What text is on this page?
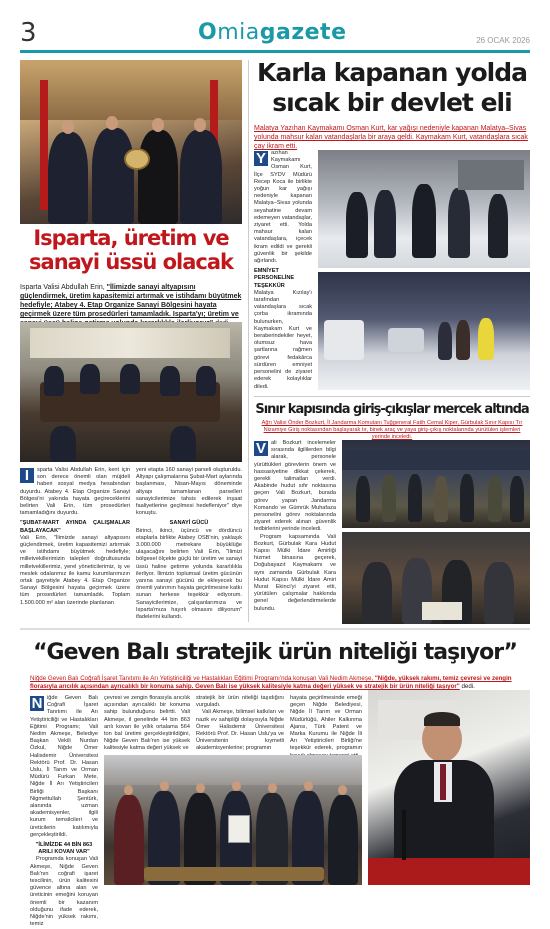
3	Omiagazete	26 OCAK 2026
Isparta, üretim ve sanayi üssü olacak
Isparta Valisi Abdullah Erin, "İlimizde sanayi altyapısını güçlendirmek, üretim kapasitemizi artırmak ve istihdamı büyütmek hedefiyle; Atabey 4. Etap Organize Sanayi Bölgesini hayata geçirmek üzere tüm prosedürleri tamamladık. Isparta'yı; üretim ve
I	sparta Valisi Abdullah Erin, kent için son derece önemli olan müjdeli haberi sosyal medya hesabından duyurdu. Atabey 4. Etap Organize Sanayi Bölgesi'ni yakında hayata geçireceklerini belirten Vali Erin, tüm prosedürleri tamamladığını duyurdu.
"ŞUBAT-MART AYINDA ÇALIŞMALAR BAŞLAYACAK"
Vali Erin, "İlimizde sanayi altyapısını güçlendirmek, üretim kapasitemizi artırmak ve istihdamı büyütmek hedefiyle; milletvekillerimizin talepleri doğrultusunda milletvekillerimiz, yerel yöneticilerimiz, iş ve meslek odalarımız ile kamu kurumlarımızın ortak gayretiyle Atabey 4. Etap Organize Sanayi Bölgesini hayata geçirmek üzere tüm prosedürleri tamamladık. Toplam 1.500.000 m² alan üzerinde planlanan
yeni etapta 160 sanayi parseli oluşturuldu. Altyapı çalışmalarına Şubat-Mart aylarında başlanması, Nisan-Mayıs döneminde altyapı tamamlanan parselleri sanayicilerimize tahsis edilerek inşaat faaliyetlerine geçilmesi hedefleniyor" diye konuştu.
SANAYİ GÜCÜ
Birinci, ikinci, üçüncü ve dördüncü etaplarla birlikte Atabey OSB'nin, yaklaşık 3.000.000 metrekare büyüklüğe ulaşacağını belirten Vali Erin, "Ilimizi bölgesel ölçekte güçlü bir üretim ve sanayi üssü haline getirme yolunda kararlılıkla ilerliyor. İlimizin toplumsal üretim gücünün yanına sanayi gücünü de ekleyecek bu önemli yatırımın hayata geçirilmesine katkı sunan herkese teşekkür ediyorum. Sanayicilerimize, çalışanlarımıza ve Isparta'mıza hayırlı olmasını diliyorum" ifadelerini kullandı.
Karla kapanan yolda sıcak bir devlet eli
Malatya Yazıhan Kaymakamı Osman Kurt, kar yağışı nedeniyle kapanan Malatya–Sivas yolunda mahsur kalan vatandaşlarla bir araya geldi. Kaymakam Kurt, vatandaşlara sıcak çay ikram etti.
Y azıhan Kaymakamı Osman Kurt, İlçe SYDV Müdürü Recep Koca ile birlikte yoğun kar yağışı nedeniyle kapanan Malatya–Sivas yolunda seyahatine devam edemeyen vatandaşlar, ziyaret etti. Yolda mahsur kalan vatandaşlara, içecek ikram edildi ve gerekli güvenlik bir şekilde ağırlandı.
EMNİYET PERSONELİNE TEŞEKKÜR
Malatya Kızılay'ı tarafından vatandaşlara sıcak çorba ikramında bulunurken, Kaymakam Kurt ve beraberindekiler heyet, olumsuz hava şartlarına rağmen görevi fedakârca sürdüren emniyet personelini de ziyaret ederek kolaylıklar diledi.
Sınır kapısında giriş-çıkışlar mercek altında
Ağrı Valisi Önder Bozkurt, İl Jandarma Komutanı Tuğgeneral Fatih Cemal Kiper, Gürbulak Sınır Kapısı Tır Nizamiye Giriş noktasından başlayarak tır, binek araç ve yaya giriş-çıkış noktalarında yürütülen işlemleri yerinde inceledi.
V ali Bozkurt incelemeler sırasında ilgililerden bilgi alarak, personele yürüttükleri görevlerin önem ve hassasiyetine dikkat çekerek, gerekli talimatları verdi. Akabinde hudut sıfır noktasına geçen Vali Bozkurt, burada görev yapan Jandarma Komando ve Gümrük Muhafaza personelini görev noktalarında ziyaret ederek alınan güvenlik tedbirlerini yerinde inceledi.
Program kapsamında Vali Bozkurt, Gürbulak Kara Hudut Kapısı Mülki İdare Amirliği hizmet binasına geçerek, Doğubayazıt Kaymakamı ve aynı zamanda Gürbulak Kara Hudut Kapısı Mülki İdare Amiri Murat Ekinci'yi ziyaret etti, yürütülen çalışmalar hakkında genel değerlendirmelerde bulundu.
“Geven Balı stratejik ürün niteliği taşıyor”
Niğde Geven Balı Coğrafi İşaret Tanıtımı ile Arı Yetiştiriciliği ve Hastalıkları Eğitimi Programı'nda konuşan Vali Nedim Akmeşe, "Niğde, yüksek rakımı, temiz çevresi ve zengin florasıyla arıcılık açısından ayrıcalıklı bir konuma sahip. Geven Balı ise yüksek kalitesiyle katma değeri yüksek ve stratejik bir ürün niteliği taşıyor" dedi.
N iğde Geven Balı Coğrafi İşaret Tanıtımı ile Arı Yetiştiriciliği ve Hastalıkları Eğitimi Programı; Vali Nedim Akmeşe, Belediye Başkan Vekili Nurdan Özkul, Niğde Ömer Halisdemir Üniversitesi Rektörü Prof. Dr. Hasan Uslu, İl Tarım ve Orman Müdürü Furkan Mete, Niğde İl Arı Yetiştiricileri Birliği Başkanı Nigmettullah Şentürk, alanında uzman akademisyenler, ilgili kurum temsilcileri ve üreticilerin katılımıyla gerçekleştirildi.
"İLİMİZDE 44 BİN 863 ARILI KOVAN VAR"
Programda konuşan Vali Akmeşe, Niğde Geven Balı'nın coğrafi işaret tescilinin, ürün kalitesini güvence altına alan ve üreticinin emeğini koruyan önemli bir kazanım olduğunu ifade ederek, Niğde'nin yüksek rakımı, temiz
çevresi ve zengin florasıyla arıcılık açısından ayrıcalıklı bir konuma sahip bulunduğunu belirtti. Vali Akmeşe, il genelinde 44 bin 863 arılı kovan ile yıllık ortalama 564 ton bal üretimi gerçekleştirildiğini, Niğde Geven Balı'nın ise yüksek kalitesiyle katma değeri yüksek ve
stratejik bir ürün niteliği taşıdığını vurguladı.
Vali Akmeşe, bilimsel katkıları ve nazik ev sahipliği dolayısıyla Niğde Ömer Halisdemir Üniversitesi Rektörü Prof. Dr. Hasan Uslu'ya ve Üniversitenin kıymetli akademisyenlerine; programın
hayata geçirilmesinde emeği geçen Niğde Belediyesi, Niğde İl Tarım ve Orman Müdürlüğü, Ahiler Kalkınma Ajansı, Türk Patent ve Marka Kurumu ile Niğde İli Arı Yetiştiricileri Birliği'ne teşekkür ederek, programın
